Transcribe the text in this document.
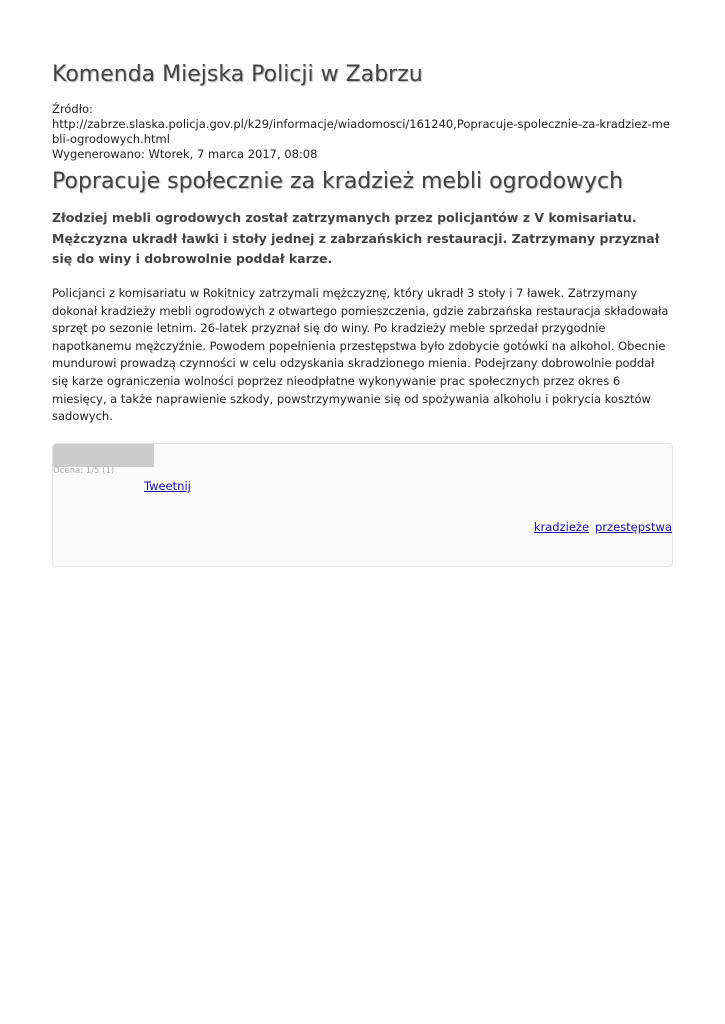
Komenda Miejska Policji w Zabrzu
Źródło:
http://zabrze.slaska.policja.gov.pl/k29/informacje/wiadomosci/161240,Popracuje-spolecznie-za-kradziez-mebli-ogrodowych.html
Wygenerowano: Wtorek, 7 marca 2017, 08:08
Popracuje społecznie za kradzież mebli ogrodowych

Złodziej mebli ogrodowych został zatrzymanych przez policjantów z V komisariatu. Mężczyzna ukradł ławki i stoły jednej z zabrzańskich restauracji. Zatrzymany przyznał się do winy i dobrowolnie poddał karze.

Policjanci z komisariatu w Rokitnicy zatrzymali mężczyznę, który ukradł 3 stoły i 7 ławek. Zatrzymany dokonał kradzieży mebli ogrodowych z otwartego pomieszczenia, gdzie zabrzańska restauracja składowała sprzęt po sezonie letnim. 26-latek przyznał się do winy. Po kradzieży meble sprzedał przygodnie napotkanemu mężczyźnie. Powodem popełnienia przestępstwa było zdobycie gotówki na alkohol. Obecnie mundurowi prowadzą czynności w celu odzyskania skradzionego mienia. Podejrzany dobrowolnie poddał się karze ograniczenia wolności poprzez nieodpłatne wykonywanie prac społecznych przez okres 6 miesięcy, a także naprawienie szkody, powstrzymywanie się od spożywania alkoholu i pokrycia kosztów sadowych.

Ocena: 1/5 (1)
Tweetnij
kradzieże przestępstwa
